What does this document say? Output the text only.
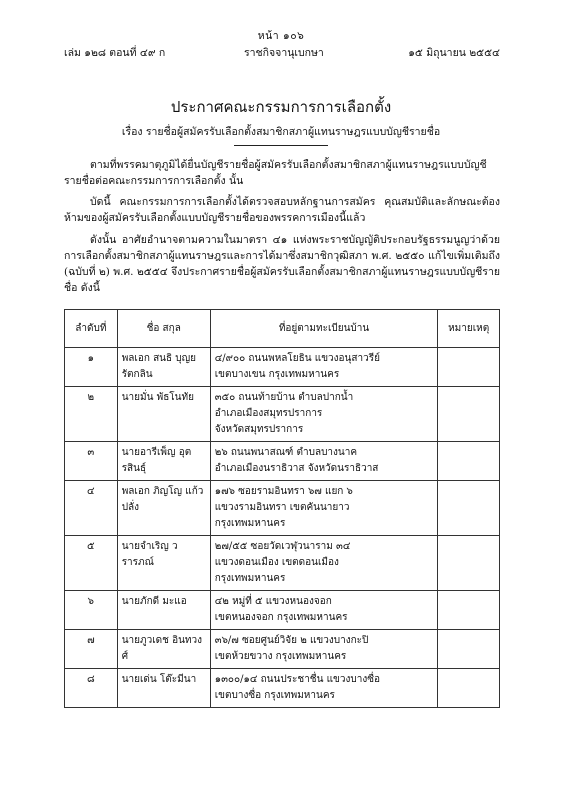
หน้า ๑๐๖
เล่ม ๑๒๘ ตอนที่ ๔๙ ก	ราชกิจจานุเบกษา	๑๕ มิถุนายน ๒๕๕๔
ประกาศคณะกรรมการการเลือกตั้ง
เรื่อง รายชื่อผู้สมัครรับเลือกตั้งสมาชิกสภาผู้แทนราษฎรแบบบัญชีรายชื่อ

ตามที่พรรคมาตุภูมิได้ยื่นบัญชีรายชื่อผู้สมัครรับเลือกตั้งสมาชิกสภาผู้แทนราษฎรแบบบัญชีรายชื่อต่อคณะกรรมการการเลือกตั้ง นั้น

บัดนี้ คณะกรรมการการเลือกตั้งได้ตรวจสอบหลักฐานการสมัคร คุณสมบัติและลักษณะต้องห้ามของผู้สมัครรับเลือกตั้งแบบบัญชีรายชื่อของพรรคการเมืองนี้แล้ว

ดังนั้น อาศัยอำนาจตามความในมาตรา ๔๑ แห่งพระราชบัญญัติประกอบรัฐธรรมนูญว่าด้วยการเลือกตั้งสมาชิกสภาผู้แทนราษฎรและการได้มาซึ่งสมาชิกวุฒิสภา พ.ศ. ๒๕๕๐ แก้ไขเพิ่มเติมถึง (ฉบับที่ ๒) พ.ศ. ๒๕๕๔ จึงประกาศรายชื่อผู้สมัครรับเลือกตั้งสมาชิกสภาผู้แทนราษฎรแบบบัญชีรายชื่อ ดังนี้

ลำดับที่	ชื่อ สกุล	ที่อยู่ตามทะเบียนบ้าน	หมายเหตุ
๑	พลเอก สนธิ บุญยรัตกลิน	๔/๙๐๐ ถนนพหลโยธิน แขวงอนุสาวรีย์
เขตบางเขน กรุงเทพมหานคร	

๒	นายมั่น พัธโนทัย	๓๕๐ ถนนท้ายบ้าน ตำบลปากน้ำ
อำเภอเมืองสมุทรปราการ
จังหวัดสมุทรปราการ	

๓	นายอารีเพ็ญ อุตรสินธุ์	๒๖ ถนนพนาสณฑ์ ตำบลบางนาค
อำเภอเมืองนราธิวาส จังหวัดนราธิวาส	

๔	พลเอก ภิญโญ แก้วปลั่ง	๑๗๖ ซอยรามอินทรา ๖๗ แยก ๖
แขวงรามอินทรา เขตคันนายาว
กรุงเทพมหานคร	

๕	นายจำเริญ วรารภณ์	๒๗/๕๕ ซอยวัดเวฬุวนาราม ๓๔
แขวงดอนเมือง เขตดอนเมือง
กรุงเทพมหานคร	

๖	นายภักดี มะแอ	๔๒ หมู่ที่ ๕ แขวงหนองจอก
เขตหนองจอก กรุงเทพมหานคร	

๗	นายภูวเดช อินทวงศ์	๓๖/๗ ซอยศูนย์วิจัย ๒ แขวงบางกะปิ
เขตห้วยขวาง กรุงเทพมหานคร	

๘	นายเด่น โต๊ะมีนา	๑๓๐๐/๑๔ ถนนประชาชื่น แขวงบางซื่อ
เขตบางซื่อ กรุงเทพมหานคร	
